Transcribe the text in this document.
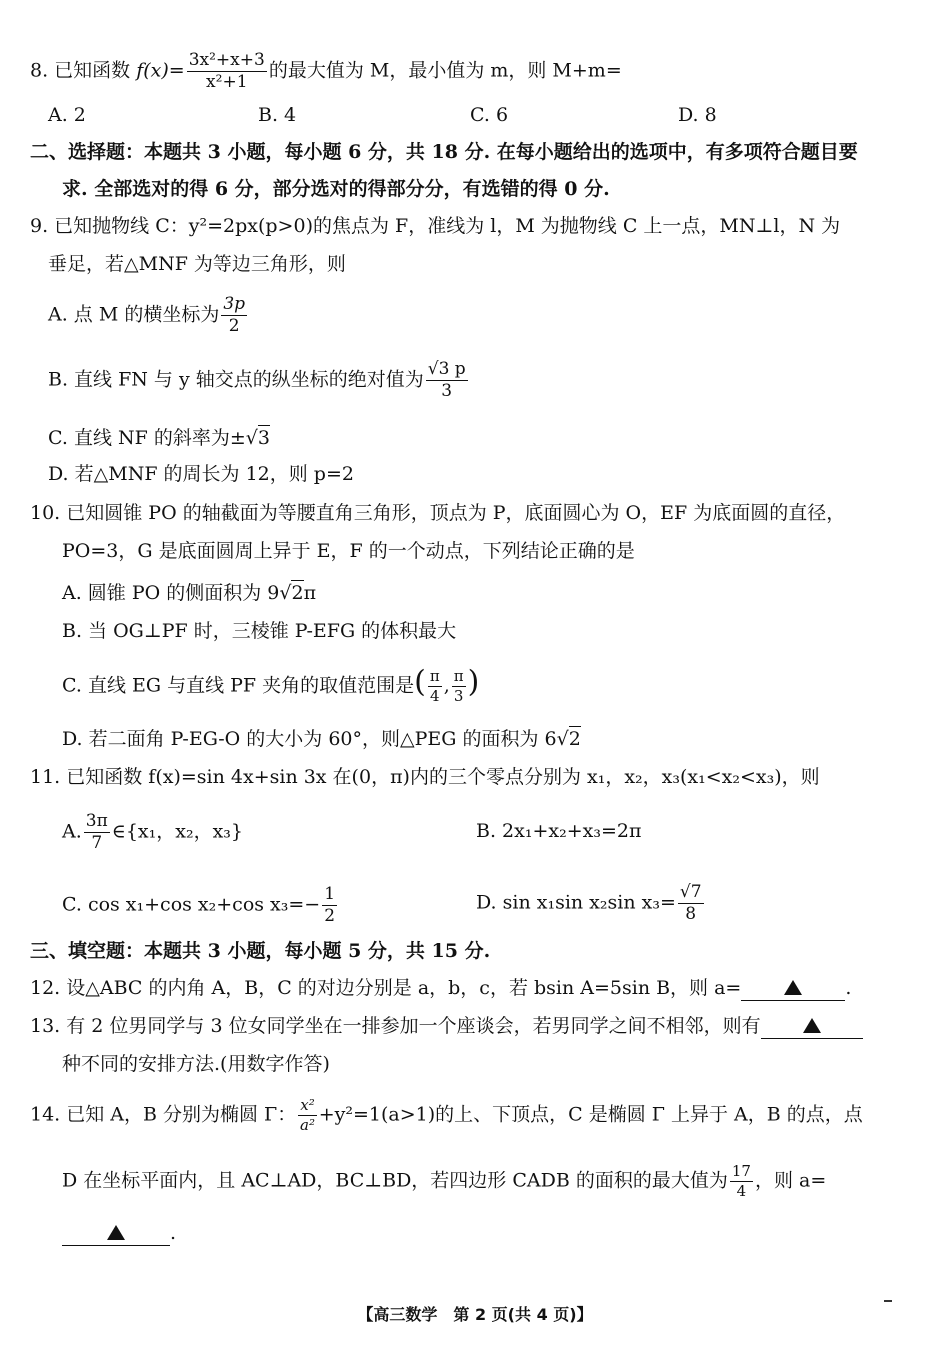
8. 已知函数 $f(x)= \frac{\text{3x²+x+3}}{\text{x²+1}}$ 的最大值为 M，最小值为 m，则 M+m=
A. 2	B. 4	C. 6	D. 8
二、选择题：本题共 3 小题，每小题 6 分，共 18 分. 在每小题给出的选项中，有多项符合题目要
求. 全部选对的得 6 分，部分选对的得部分分，有选错的得 0 分.
9. 已知抛物线 C：y²=2px(p>0)的焦点为 F，准线为 l，M 为抛物线 C 上一点，MN⊥l，N 为
垂足，若△MNF 为等边三角形，则
A. 点 M 的横坐标为 $\frac{3p}{2}$
B. 直线 FN 与 y 轴交点的纵坐标的绝对值为 $\frac{√3 p}{3}$
C. 直线 NF 的斜率为±√3
D. 若△MNF 的周长为 12，则 p=2
10. 已知圆锥 PO 的轴截面为等腰直角三角形，顶点为 P，底面圆心为 O，EF 为底面圆的直径，
PO=3，G 是底面圆周上异于 E，F 的一个动点，下列结论正确的是
A. 圆锥 PO 的侧面积为 9√2π
B. 当 OG⊥PF 时，三棱锥 P-EFG 的体积最大
C. 直线 EG 与直线 PF 夹角的取值范围是( $\frac{\pi}{4}$ , $\frac{\pi}{3}$ )
D. 若二面角 P-EG-O 的大小为 60°，则△PEG 的面积为 6√2
11. 已知函数 f(x)=sin 4x+sin 3x 在(0，π)内的三个零点分别为 x₁，x₂，x₃(x₁<x₂<x₃)，则
A. $\frac{3\pi}{7}$ ∈{x₁，x₂，x₃}	B. 2x₁+x₂+x₃=2π
C. cos x₁+cos x₂+cos $x_3=- \frac{1}{2}$	D. sin x₁sin x₂sin $x_3= \frac{√7}{8}$
三、填空题：本题共 3 小题，每小题 5 分，共 15 分.
12. 设△ABC 的内角 A，B，C 的对边分别是 a，b，c，若 bsin A=5sin B，则 a=	.
13. 有 2 位男同学与 3 位女同学坐在一排参加一个座谈会，若男同学之间不相邻，则有
种不同的安排方法.(用数字作答)
14. 已知 A，B 分别为椭圆 Γ： $\frac{\text{x²}}{\text{a²}} +y^2=1(a>1)$的上、下顶点，C 是椭圆 Γ 上异于 A，B 的点，点
D 在坐标平面内，且 AC⊥AD，BC⊥BD，若四边形 CADB 的面积的最大值为 $\frac{17}{4}$ ，则 a=
.
【高三数学　第 2 页(共 4 页)】
